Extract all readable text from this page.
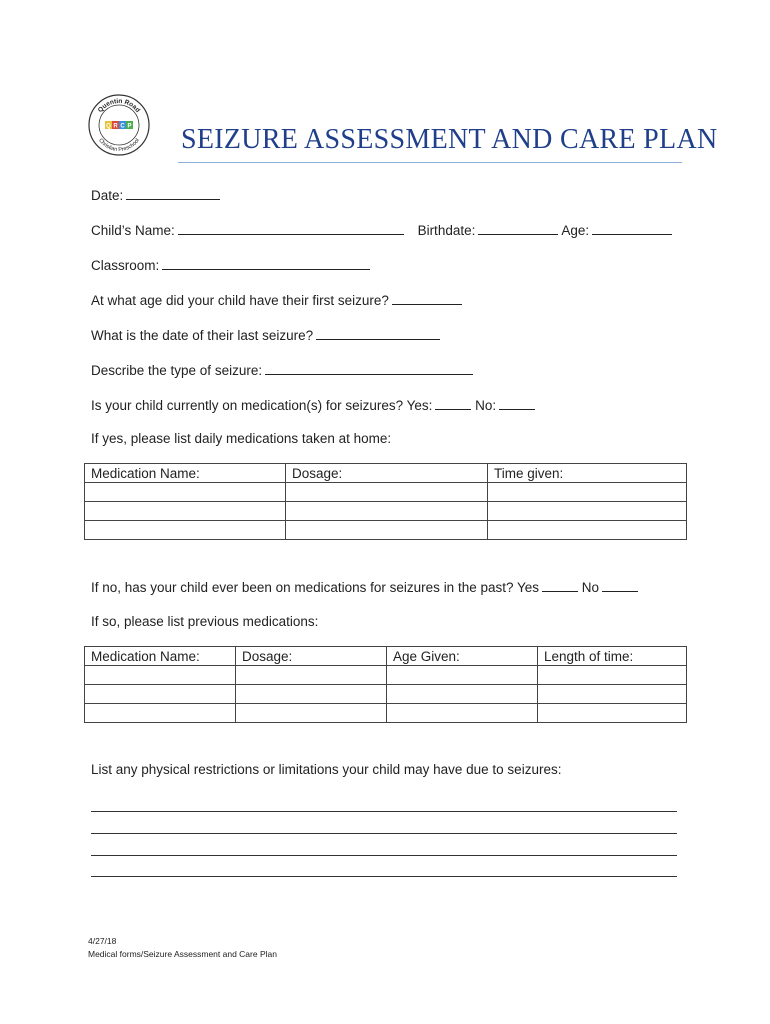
Quentin Road
Christian Preschool
Q R C P SEIZURE ASSESSMENT AND CARE PLAN
Date:
Child’s Name:	Birthdate:	Age:
Classroom:
At what age did your child have their first seizure?
What is the date of their last seizure?
Describe the type of seizure:
Is your child currently on medication(s) for seizures? Yes:	No:
If yes, please list daily medications taken at home:
Medication Name:	Dosage:	Time given:

If no, has your child ever been on medications for seizures in the past? Yes	No
If so, please list previous medications:
Medication Name:	Dosage:	Age Given:	Length of time:

List any physical restrictions or limitations your child may have due to seizures:
4/27/18
Medical forms/Seizure Assessment and Care Plan
